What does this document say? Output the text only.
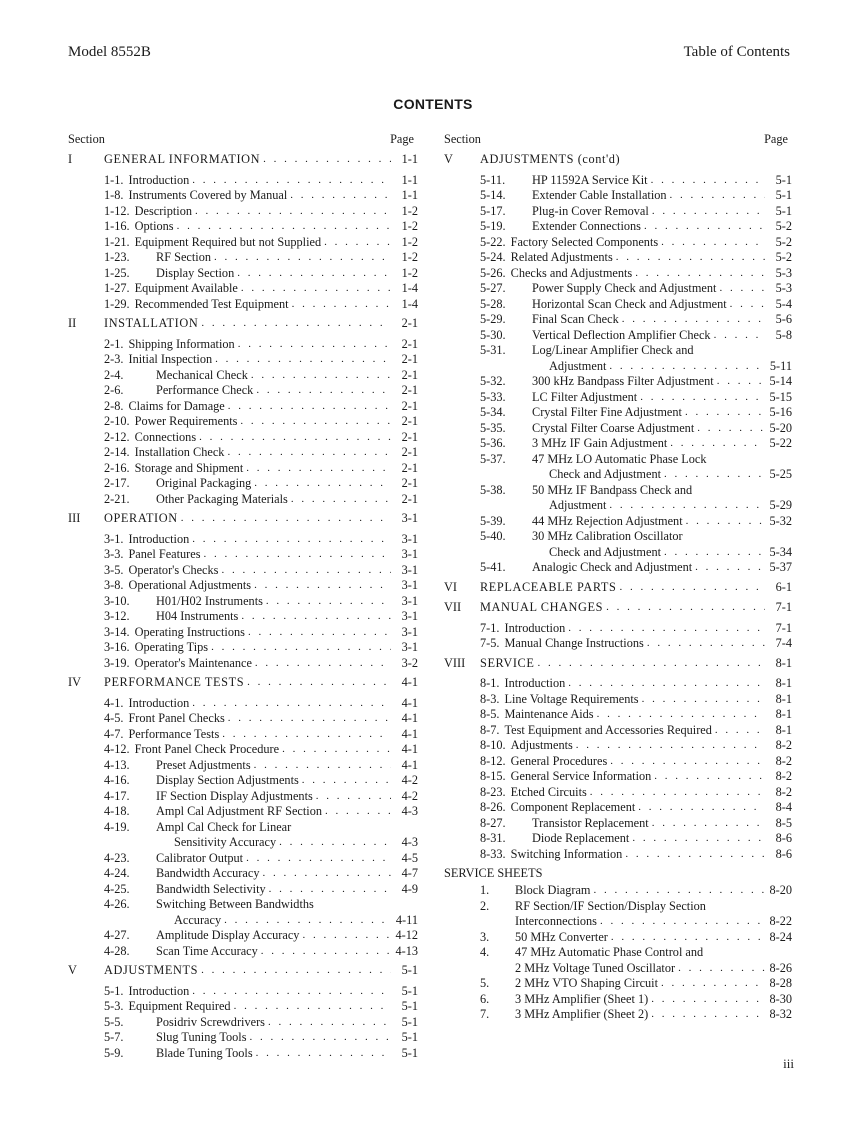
Model 8552B	Table of Contents
CONTENTS
Section	Page
I	GENERAL INFORMATION . . .	1-1
1-1. Introduction . . .	1-1
1-8. Instruments Covered by Manual . . .	1-1
1-12. Description . . .	1-2
1-16. Options . . .	1-2
1-21. Equipment Required but not Supplied . . .	1-2
1-23. RF Section . . .	1-2
1-25. Display Section . . .	1-2
1-27. Equipment Available . . .	1-4
1-29. Recommended Test Equipment . . .	1-4
II INSTALLATION . . .	2-1
2-1. Shipping Information . . .	2-1
2-3. Initial Inspection . . .	2-1
2-4.	Mechanical Check . . .	2-1
2-6.	Performance Check . . .	2-1
2-8. Claims for Damage . . .	2-1
2-10. Power Requirements . . .	2-1
2-12. Connections . . .	2-1
2-14. Installation Check . . .	2-1
2-16. Storage and Shipment . . .	2-1
2-17. Original Packaging . . .	2-1
2-21. Other Packaging Materials . . .	2-1
III OPERATION . . .	3-1
3-1. Introduction . . .	3-1
3-3. Panel Features . . .	3-1
3-5. Operator's Checks . . .	3-1
3-8. Operational Adjustments . . .	3-1
3-10. H01/H02 Instruments . . .	3-1
3-12. H04 Instruments . . .	3-1
3-14. Operating Instructions . . .	3-1
3-16. Operating Tips . . .	3-1
3-19. Operator's Maintenance . . .	3-2
IV PERFORMANCE TESTS . . .	4-1
4-1. Introduction . . .	4-1
4-5. Front Panel Checks . . .	4-1
4-7. Performance Tests . . .	4-1
4-12. Front Panel Check Procedure . . .	4-1
4-13. Preset Adjustments . . .	4-1
4-16. Display Section Adjustments . . .	4-2
4-17. IF Section Display Adjustments . . .	4-2
4-18. Ampl Cal Adjustment RF Section . . .	4-3
4-19. Ampl Cal Check for Linear
Sensitivity Accuracy . . .	4-3
4-23. Calibrator Output . . .	4-5
4-24. Bandwidth Accuracy . . .	4-7
4-25. Bandwidth Selectivity . . .	4-9
4-26. Switching Between Bandwidths
Accuracy . . .	4-11
4-27. Amplitude Display Accuracy . . .	4-12
4-28. Scan Time Accuracy . . .	4-13
V ADJUSTMENTS . . .	5-1
5-1. Introduction . . .	5-1
5-3. Equipment Required . . .	5-1
5-5.	Posidriv Screwdrivers . . .	5-1
5-7.	Slug Tuning Tools . . .	5-1
5-9.	Blade Tuning Tools . . .	5-1
Section	Page
V ADJUSTMENTS (cont'd)
5-11. HP 11592A Service Kit . . .	5-1
5-14. Extender Cable Installation . . .	5-1
5-17. Plug-in Cover Removal . . .	5-1
5-19. Extender Connections . . .	5-2
5-22. Factory Selected Components . . .	5-2
5-24. Related Adjustments . . .	5-2
5-26. Checks and Adjustments . . .	5-3
5-27. Power Supply Check and Adjustment . . .	5-3
5-28. Horizontal Scan Check and Adjustment . . .	5-4
5-29. Final Scan Check . . .	5-6
5-30. Vertical Deflection Amplifier Check . . .	5-8
5-31. Log/Linear Amplifier Check and
Adjustment . . .	5-11
5-32. 300 kHz Bandpass Filter Adjustment . . .	5-14
5-33. LC Filter Adjustment . . .	5-15
5-34. Crystal Filter Fine Adjustment . . .	5-16
5-35. Crystal Filter Coarse Adjustment . . .	5-20
5-36. 3 MHz IF Gain Adjustment . . .	5-22
5-37. 47 MHz LO Automatic Phase Lock
Check and Adjustment . . .	5-25
5-38. 50 MHz IF Bandpass Check and
Adjustment . . .	5-29
5-39. 44 MHz Rejection Adjustment . . .	5-32
5-40. 30 MHz Calibration Oscillator
Check and Adjustment . . .	5-34
5-41. Analogic Check and Adjustment . . .	5-37
VI REPLACEABLE PARTS . . .	6-1
VII MANUAL CHANGES . . .	7-1
7-1. Introduction . . .	7-1
7-5. Manual Change Instructions . . .	7-4
VIII SERVICE . . .	8-1
8-1. Introduction . . .	8-1
8-3. Line Voltage Requirements . . .	8-1
8-5. Maintenance Aids . . .	8-1
8-7. Test Equipment and Accessories Required . . .	8-1
8-10. Adjustments . . .	8-2
8-12. General Procedures . . .	8-2
8-15. General Service Information . . .	8-2
8-23. Etched Circuits . . .	8-2
8-26. Component Replacement . . .	8-4
8-27. Transistor Replacement . . .	8-5
8-31. Diode Replacement . . .	8-6
8-33. Switching Information . . .	8-6
SERVICE SHEETS
1. Block Diagram . . .	8-20
2. RF Section/IF Section/Display Section
Interconnections . . .	8-22
3. 50 MHz Converter . . .	8-24
4. 47 MHz Automatic Phase Control and
2 MHz Voltage Tuned Oscillator . . .	8-26
5. 2 MHz VTO Shaping Circuit . . .	8-28
6. 3 MHz Amplifier (Sheet 1) . . .	8-30
7. 3 MHz Amplifier (Sheet 2) . . .	8-32
iii
